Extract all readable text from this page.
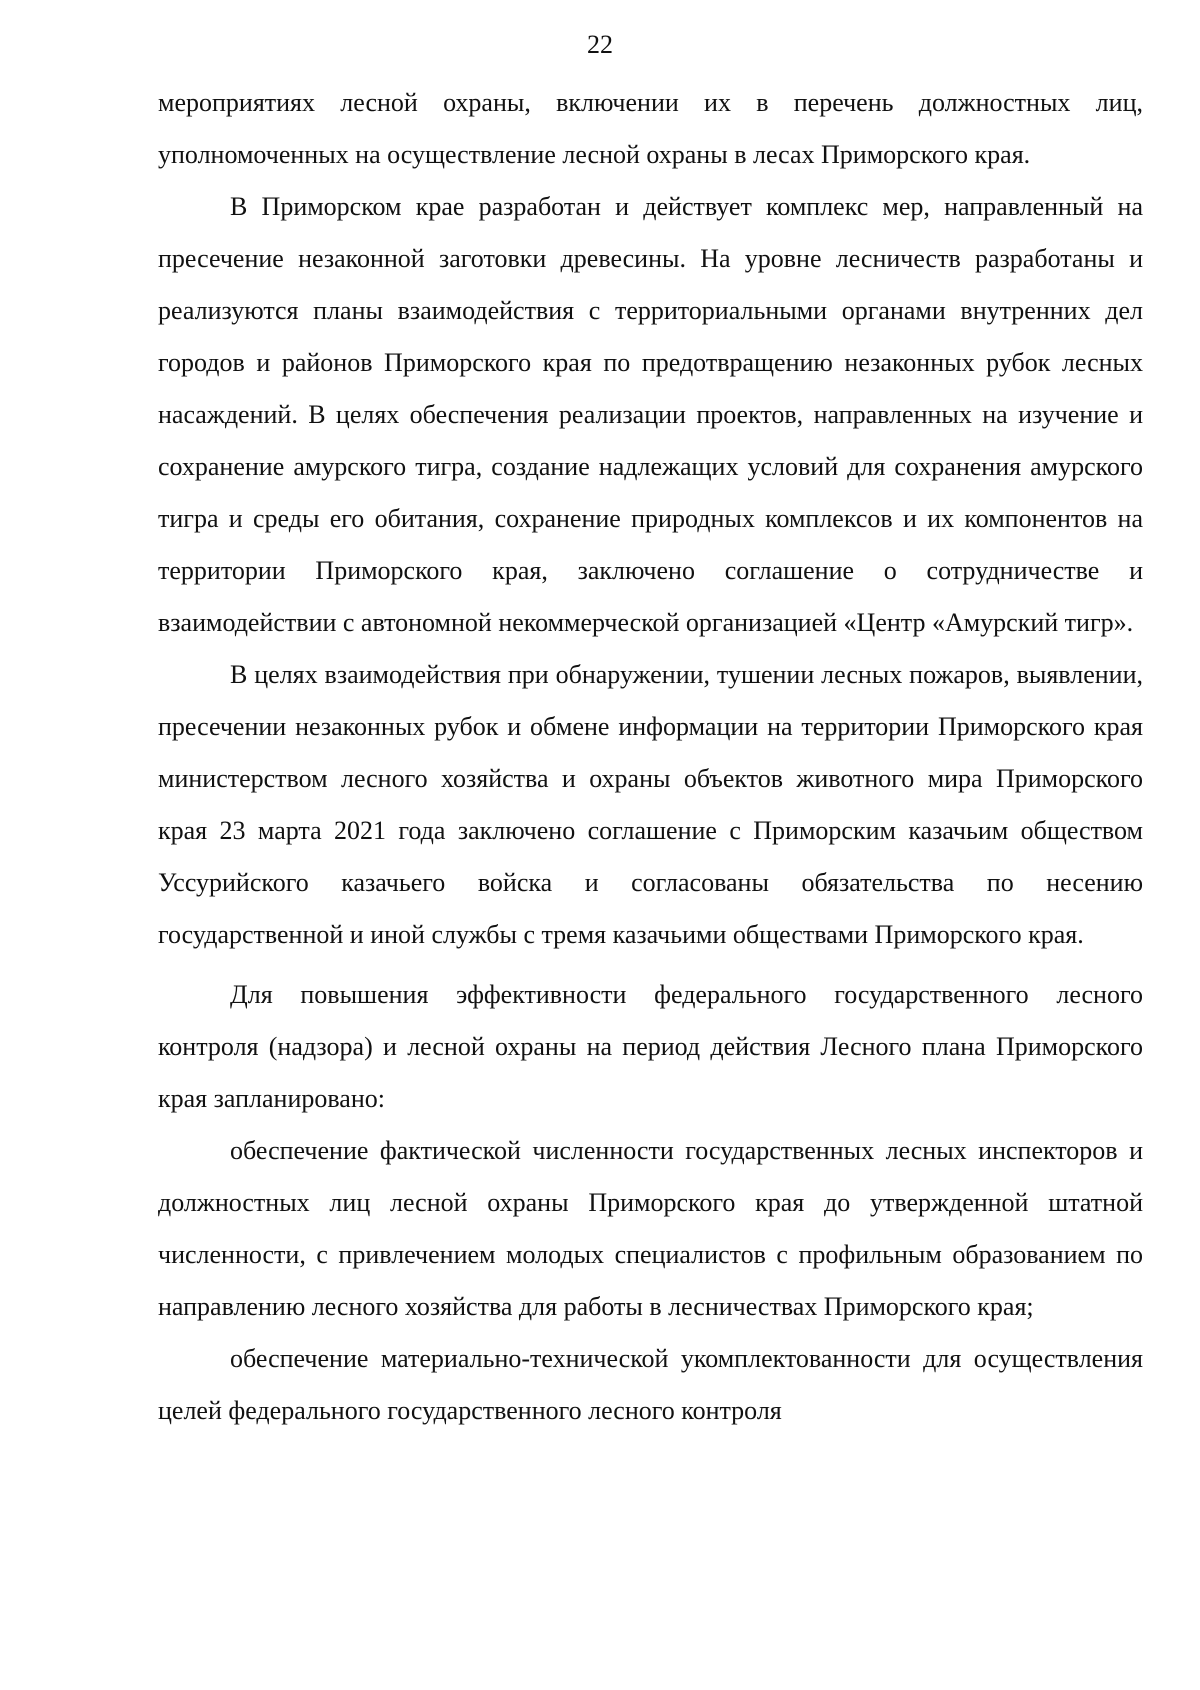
22

мероприятиях лесной охраны, включении их в перечень должностных лиц, уполномоченных на осуществление лесной охраны в лесах Приморского края.

В Приморском крае разработан и действует комплекс мер, направленный на пресечение незаконной заготовки древесины. На уровне лесничеств разработаны и реализуются планы взаимодействия с территориальными органами внутренних дел городов и районов Приморского края по предотвращению незаконных рубок лесных насаждений. В целях обеспечения реализации проектов, направленных на изучение и сохранение амурского тигра, создание надлежащих условий для сохранения амурского тигра и среды его обитания, сохранение природных комплексов и их компонентов на территории Приморского края, заключено соглашение о сотрудничестве и взаимодействии с автономной некоммерческой организацией «Центр «Амурский тигр».

В целях взаимодействия при обнаружении, тушении лесных пожаров, выявлении, пресечении незаконных рубок и обмене информации на территории Приморского края министерством лесного хозяйства и охраны объектов животного мира Приморского края 23 марта 2021 года заключено соглашение с Приморским казачьим обществом Уссурийского казачьего войска и согласованы обязательства по несению государственной и иной службы с тремя казачьими обществами Приморского края.

Для повышения эффективности федерального государственного лесного контроля (надзора) и лесной охраны на период действия Лесного плана Приморского края запланировано:

обеспечение фактической численности государственных лесных инспекторов и должностных лиц лесной охраны Приморского края до утвержденной штатной численности, с привлечением молодых специалистов с профильным образованием по направлению лесного хозяйства для работы в лесничествах Приморского края;

обеспечение материально-технической укомплектованности для осуществления целей федерального государственного лесного контроля
